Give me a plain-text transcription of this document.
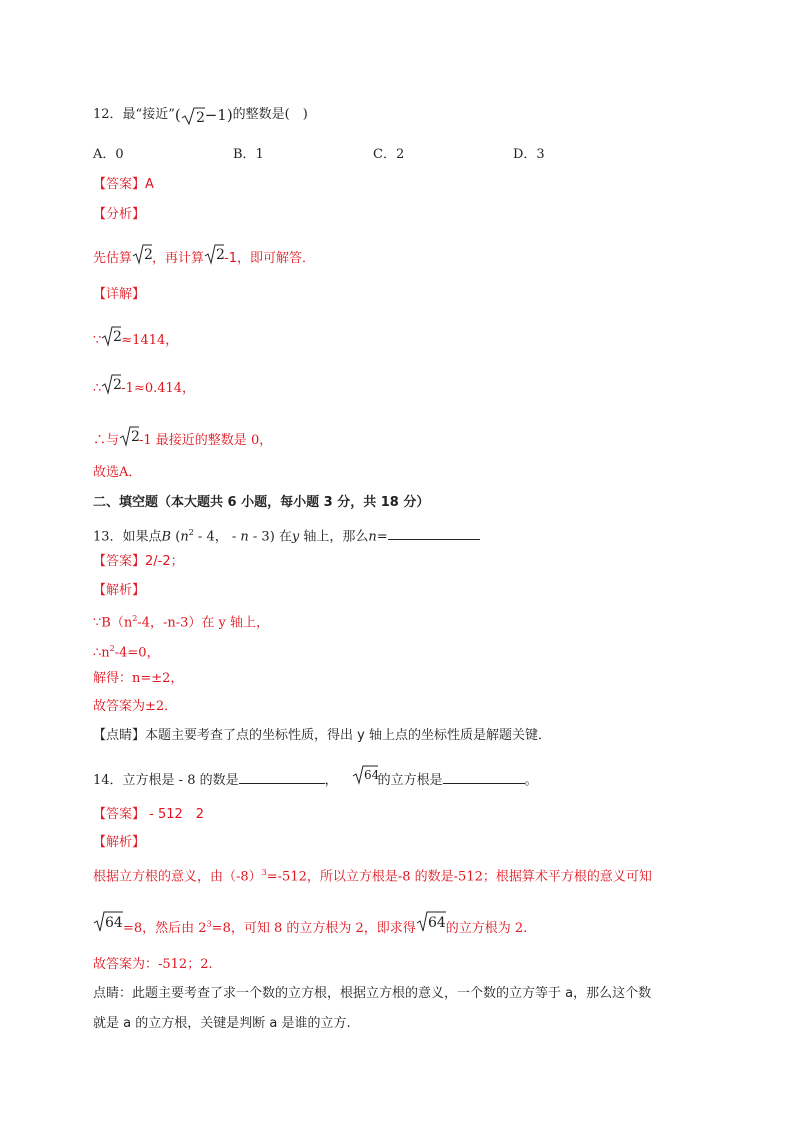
12．最“接近”( 2 −1)的整数是(　)
A．0	B．1	C．2	D．3
【答案】A
【分析】
先估算 2 ，再计算 2 -1，即可解答．
【详解】
∵ 2 ≈1414，
∴ 2 -1≈0.414，
∴与 2 -1 最接近的整数是 0，
故选A．
二、填空题（本大题共 6 小题，每小题 3 分，共 18 分）
13．如果点B ($n^2 - 4$， - n - 3) 在y 轴上，那么n=
【答案】2/-2；
【解析】
$\because B(n^2-4$，-n-3）在 y 轴上，
$\therefore n^2-4=0$，
解得：n=±2，
故答案为±2．
【点睛】本题主要考查了点的坐标性质，得出 y 轴上点的坐标性质是解题关键．
14．立方根是 - 8 的数是	， 64
的立方根是	。
【答案】 - 512　2
【解析】
根据立方根的意义，由$(-8)^3=-512$，所以立方根是-8 的数是-512；根据算术平方根的意义可知
64 =8，然后由 $2^3=8$，可知 8 的立方根为 2，即求得 64 的立方根为 2.
故答案为：-512；2.
点睛：此题主要考查了求一个数的立方根，根据立方根的意义，一个数的立方等于 a，那么这个数
就是 a 的立方根，关键是判断 a 是谁的立方.
